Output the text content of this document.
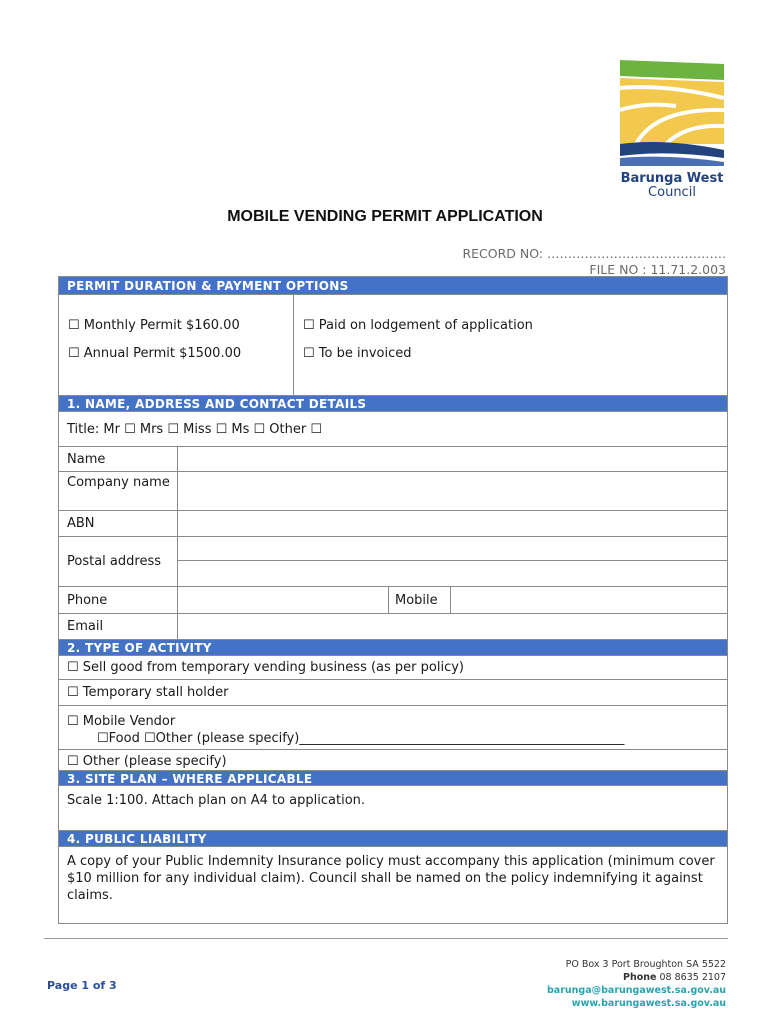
Barunga West
Council
MOBILE VENDING PERMIT APPLICATION
RECORD NO: …………………………………….
FILE NO : 11.71.2.003
PERMIT DURATION & PAYMENT OPTIONS
☐ Monthly Permit $160.00
☐ Annual Permit $1500.00
☐ Paid on lodgement of application
☐ To be invoiced
1. NAME, ADDRESS AND CONTACT DETAILS
Title: Mr ☐ Mrs ☐ Miss ☐ Ms ☐ Other ☐
Name
Company name
ABN
Postal address
Phone	Mobile
Email
2. TYPE OF ACTIVITY
☐ Sell good from temporary vending business (as per policy)
☐ Temporary stall holder
☐ Mobile Vendor
☐Food ☐Other (please specify)__________________________________________________
☐ Other (please specify)
3. SITE PLAN – WHERE APPLICABLE
Scale 1:100. Attach plan on A4 to application.
4. PUBLIC LIABILITY
A copy of your Public Indemnity Insurance policy must accompany this application (minimum cover $10 million for any individual claim). Council shall be named on the policy indemnifying it against claims.
Page 1 of 3
PO Box 3 Port Broughton SA 5522
Phone 08 8635 2107
barunga@barungawest.sa.gov.au
www.barungawest.sa.gov.au
